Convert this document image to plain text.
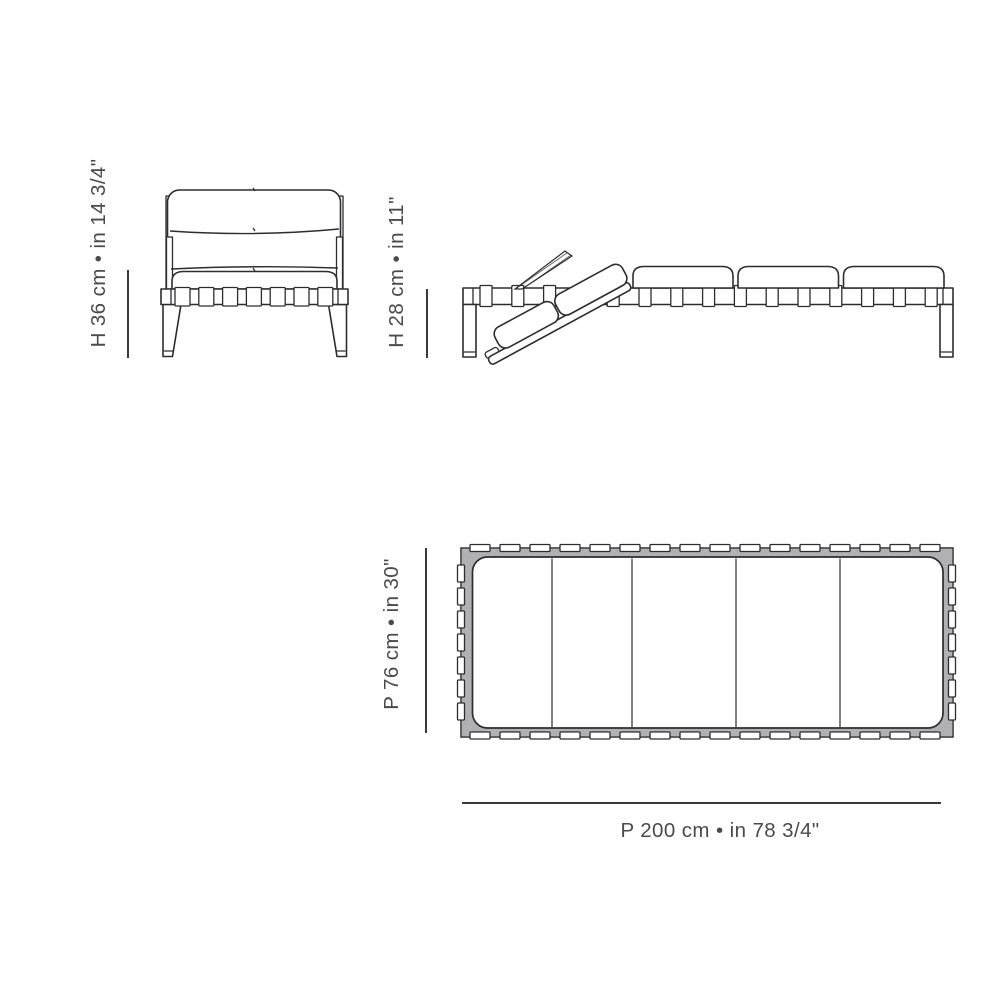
H 36 cm • in 14 3/4"	H 28 cm • in 11"
P 76 cm • in 30"
P 200 cm • in 78 3/4"
